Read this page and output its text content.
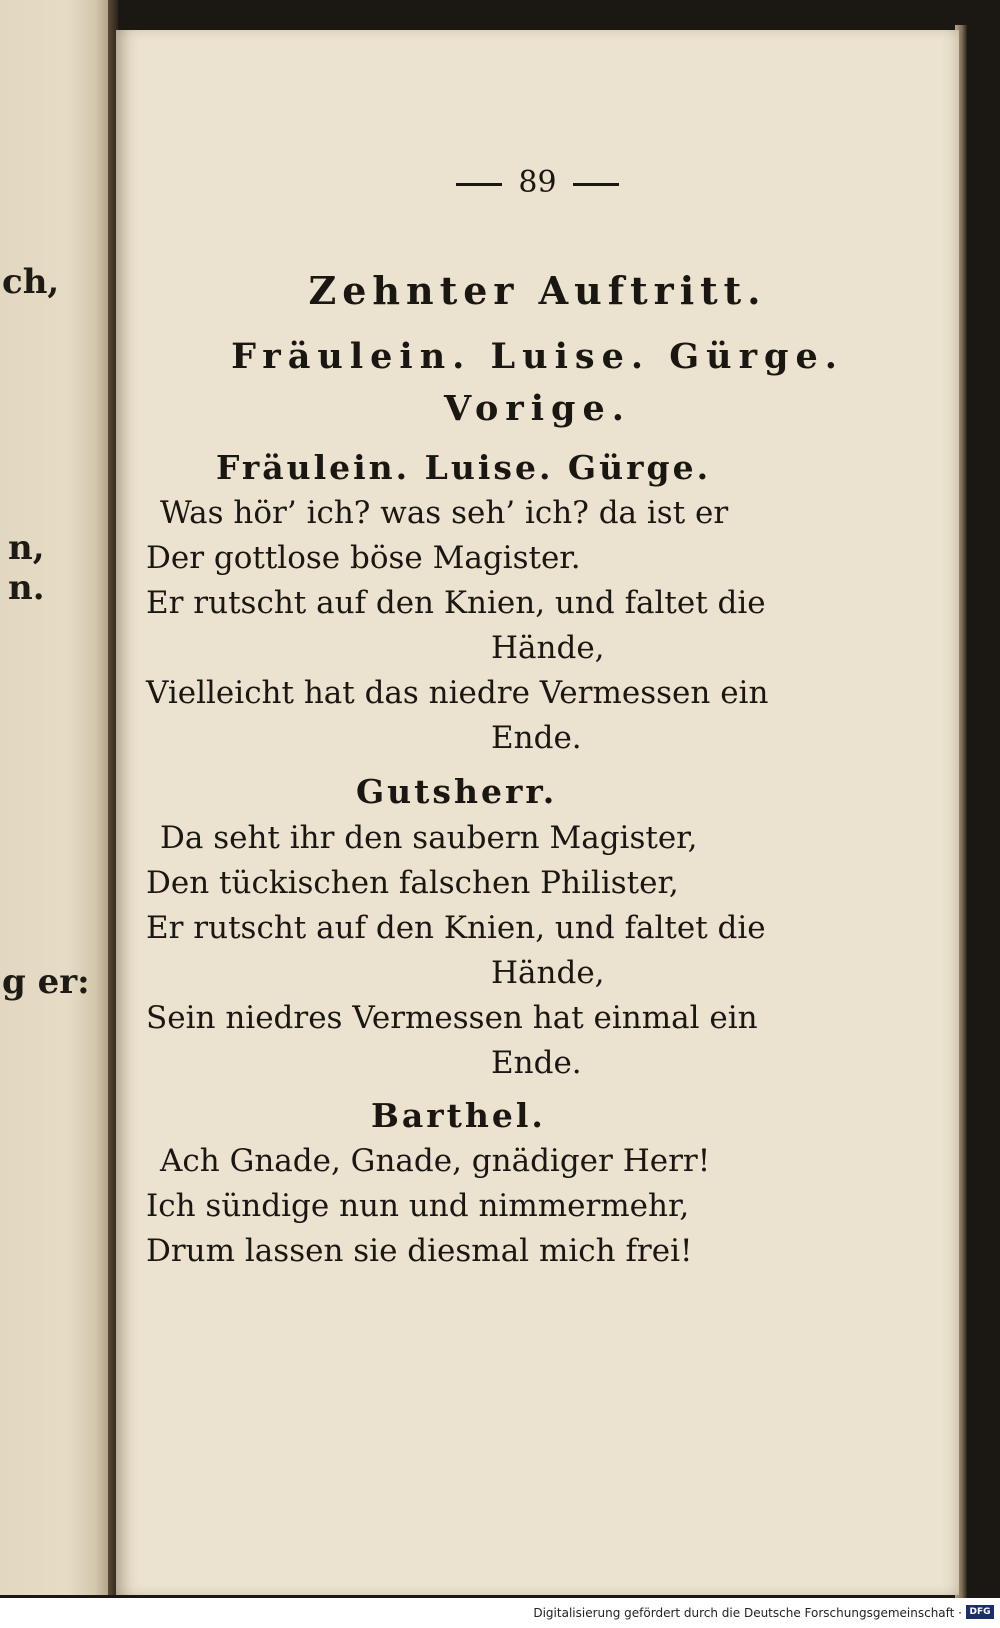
ch,
n,
n.
g er:
89
Zehnter Auftritt.
Fräulein. Luise. Gürge.
Vorige.
Fräulein. Luise. Gürge.
Was hör’ ich? was seh’ ich? da ist er
Der gottlose böse Magister.
Er rutscht auf den Knien, und faltet die
Hände,
Vielleicht hat das niedre Vermessen ein
Ende.
Gutsherr.
Da seht ihr den saubern Magister,
Den tückischen falschen Philister,
Er rutscht auf den Knien, und faltet die
Hände,
Sein niedres Vermessen hat einmal ein
Ende.
Barthel.
Ach Gnade, Gnade, gnädiger Herr!
Ich sündige nun und nimmermehr,
Drum lassen sie diesmal mich frei!
Digitalisierung gefördert durch die Deutsche Forschungsgemeinschaft · DFG
